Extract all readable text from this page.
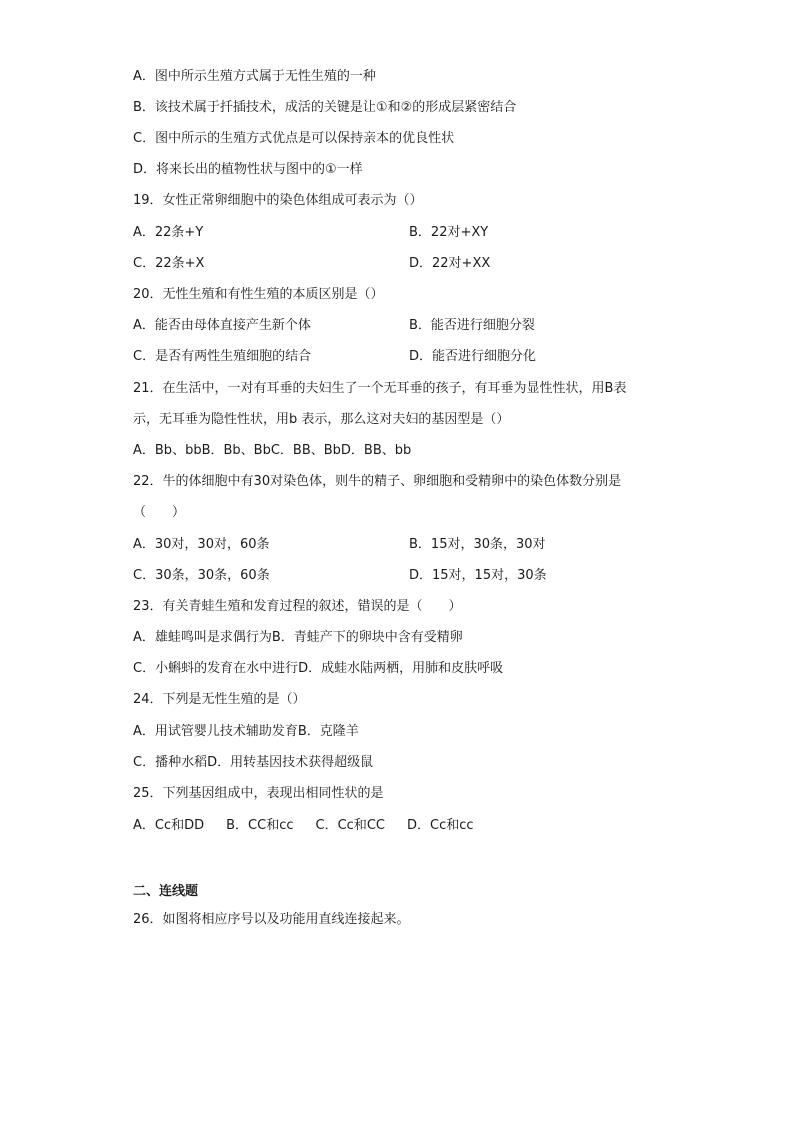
A．图中所示生殖方式属于无性生殖的一种
B．该技术属于扦插技术，成活的关键是让①和②的形成层紧密结合
C．图中所示的生殖方式优点是可以保持亲本的优良性状
D．将来长出的植物性状与图中的①一样
19．女性正常卵细胞中的染色体组成可表示为（）
A．22条+Y	B．22对+XY
C．22条+X	D．22对+XX
20．无性生殖和有性生殖的本质区别是（）
A．能否由母体直接产生新个体	B．能否进行细胞分裂
C．是否有两性生殖细胞的结合	D．能否进行细胞分化
21．在生活中，一对有耳垂的夫妇生了一个无耳垂的孩子，有耳垂为显性性状，用B表
示，无耳垂为隐性性状，用b 表示，那么这对夫妇的基因型是（）
A．Bb、bbB．Bb、BbC．BB、BbD．BB、bb
22．牛的体细胞中有30对染色体，则牛的精子、卵细胞和受精卵中的染色体数分别是
（　　）
A．30对，30对，60条	B．15对，30条，30对
C．30条，30条，60条	D．15对，15对，30条
23．有关青蛙生殖和发育过程的叙述，错误的是（　　）
A．雄蛙鸣叫是求偶行为B．青蛙产下的卵块中含有受精卵
C．小蝌蚪的发育在水中进行D．成蛙水陆两栖，用肺和皮肤呼吸
24．下列是无性生殖的是（）
A．用试管婴儿技术辅助发育B．克隆羊
C．播种水稻D．用转基因技术获得超级鼠
25．下列基因组成中，表现出相同性状的是
A．Cc和DD B．CC和cc C．Cc和CC D．Cc和cc
二、连线题
26．如图将相应序号以及功能用直线连接起来。
